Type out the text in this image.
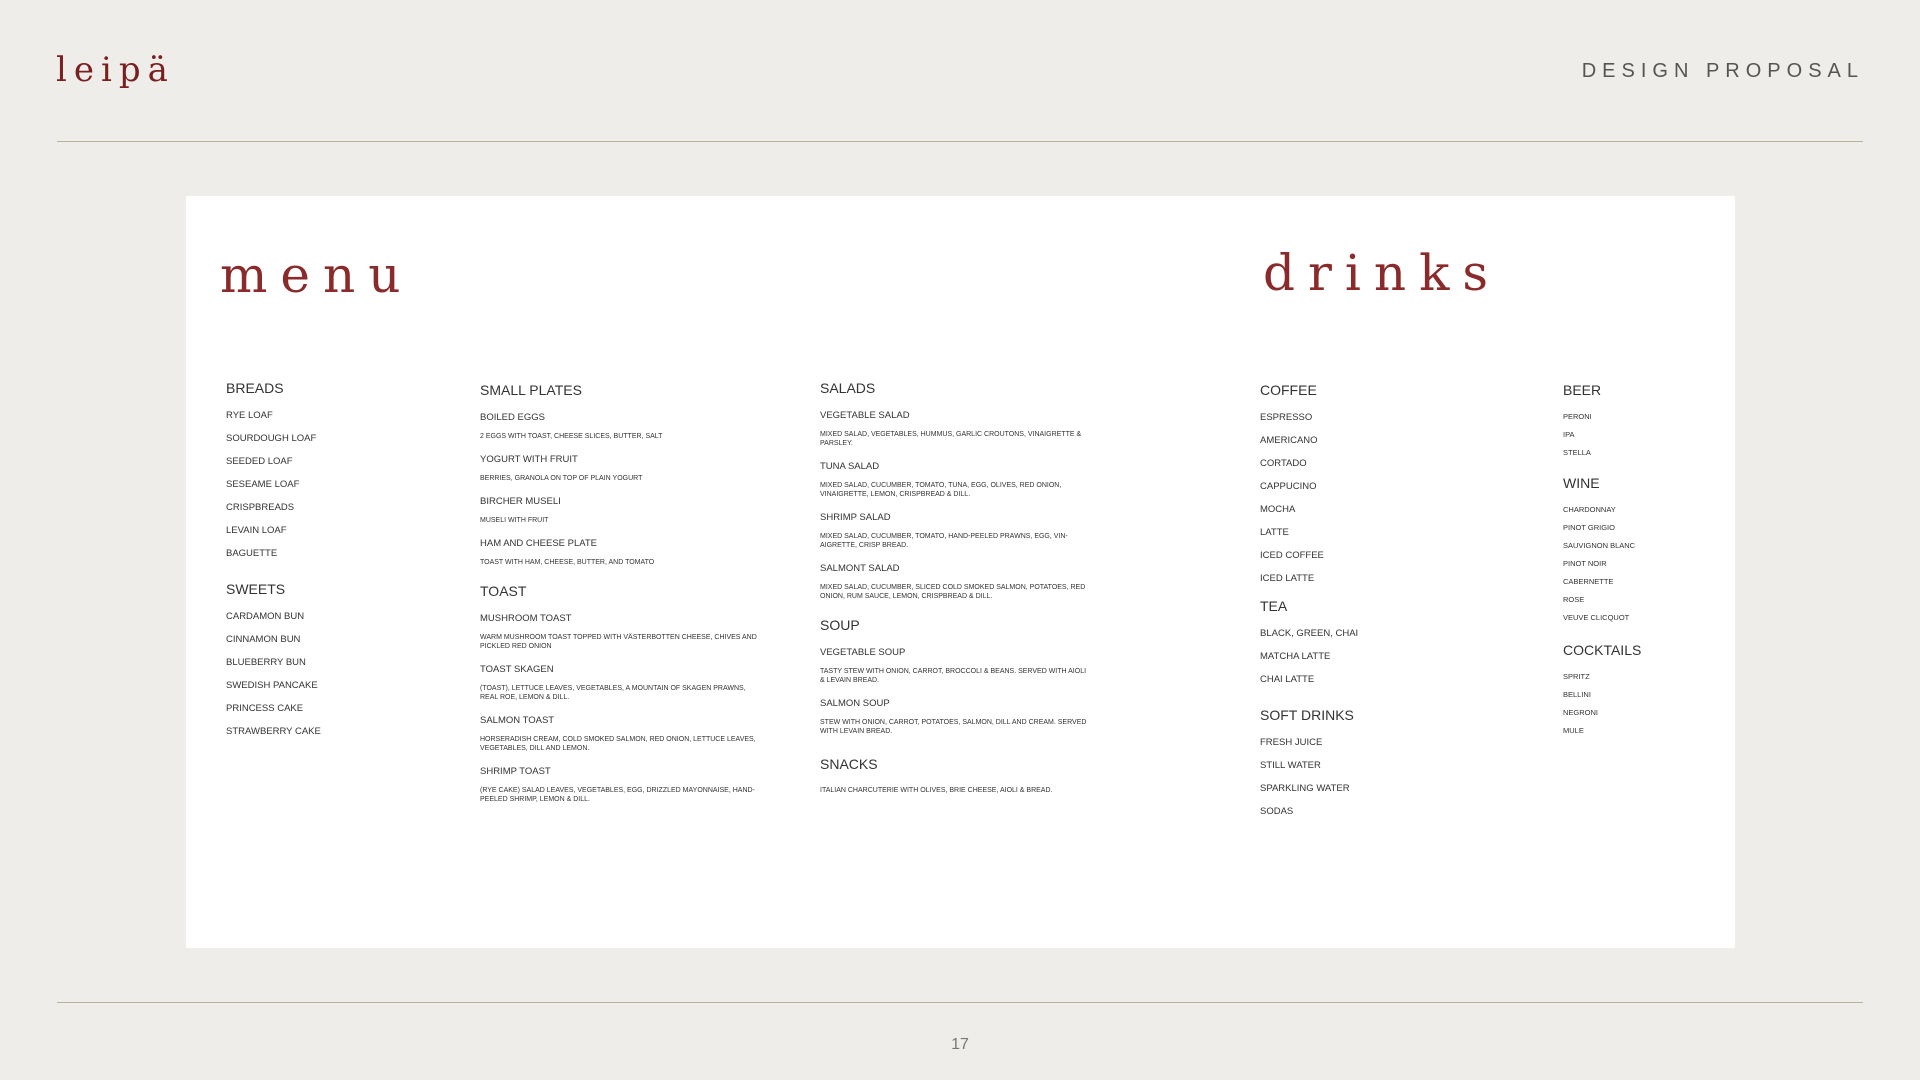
leipä	DESIGN PROPOSAL
menu	drinks
BREADS
RYE LOAF
SOURDOUGH LOAF
SEEDED LOAF
SESEAME LOAF
CRISPBREADS
LEVAIN LOAF
BAGUETTE
SWEETS
CARDAMON BUN
CINNAMON BUN
BLUEBERRY BUN
SWEDISH PANCAKE
PRINCESS CAKE
STRAWBERRY CAKE
SMALL PLATES
BOILED EGGS
2 EGGS WITH TOAST, CHEESE SLICES, BUTTER, SALT
YOGURT WITH FRUIT
BERRIES, GRANOLA ON TOP OF PLAIN YOGURT
BIRCHER MUSELI
MUSELI WITH FRUIT
HAM AND CHEESE PLATE
TOAST WITH HAM, CHEESE, BUTTER, AND TOMATO
TOAST
MUSHROOM TOAST
WARM MUSHROOM TOAST TOPPED WITH VÄSTERBOTTEN CHEESE, CHIVES AND PICKLED RED ONION
TOAST SKAGEN
(TOAST), LETTUCE LEAVES, VEGETABLES, A MOUNTAIN OF SKAGEN PRAWNS, REAL ROE, LEMON & DILL.
SALMON TOAST
HORSERADISH CREAM, COLD SMOKED SALMON, RED ONION, LETTUCE LEAVES, VEGETABLES, DILL AND LEMON.
SHRIMP TOAST
(RYE CAKE) SALAD LEAVES, VEGETABLES, EGG, DRIZZLED MAYONNAISE, HAND-PEELED SHRIMP, LEMON & DILL.
SALADS
VEGETABLE SALAD
MIXED SALAD, VEGETABLES, HUMMUS, GARLIC CROUTONS, VINAIGRETTE & PARSLEY.
TUNA SALAD
MIXED SALAD, CUCUMBER, TOMATO, TUNA, EGG, OLIVES, RED ONION, VINAIGRETTE, LEMON, CRISPBREAD & DILL.
SHRIMP SALAD
MIXED SALAD, CUCUMBER, TOMATO, HAND-PEELED PRAWNS, EGG, VIN-AIGRETTE, CRISP BREAD.
SALMONT SALAD
MIXED SALAD, CUCUMBER, SLICED COLD SMOKED SALMON, POTATOES, RED ONION, RUM SAUCE, LEMON, CRISPBREAD & DILL.
SOUP
VEGETABLE SOUP
TASTY STEW WITH ONION, CARROT, BROCCOLI & BEANS. SERVED WITH AIOLI & LEVAIN BREAD.
SALMON SOUP
STEW WITH ONION, CARROT, POTATOES, SALMON, DILL AND CREAM. SERVED WITH LEVAIN BREAD.
SNACKS
ITALIAN CHARCUTERIE WITH OLIVES, BRIE CHEESE, AIOLI & BREAD.
COFFEE
ESPRESSO
AMERICANO
CORTADO
CAPPUCINO
MOCHA
LATTE
ICED COFFEE
ICED LATTE
TEA
BLACK, GREEN, CHAI
MATCHA LATTE
CHAI LATTE
SOFT DRINKS
FRESH JUICE
STILL WATER
SPARKLING WATER
SODAS
BEER
PERONI
IPA
STELLA
WINE
CHARDONNAY
PINOT GRIGIO
SAUVIGNON BLANC
PINOT NOIR
CABERNETTE
ROSE
VEUVE CLICQUOT
COCKTAILS
SPRITZ
BELLINI
NEGRONI
MULE
17
